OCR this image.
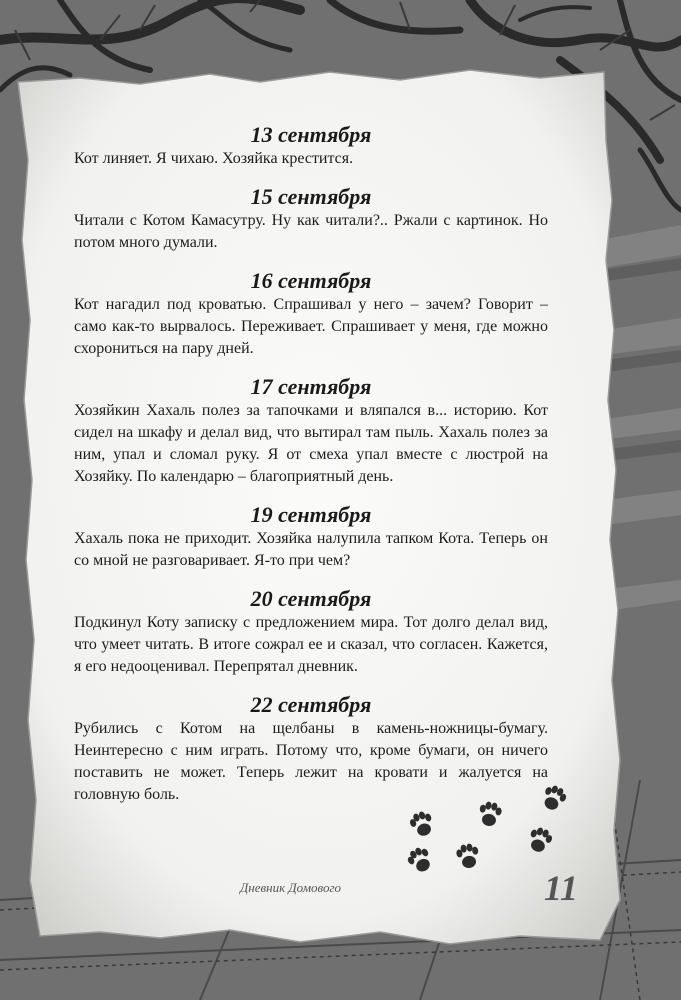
13 сентября

Кот линяет. Я чихаю. Хозяйка крестится.

15 сентября

Читали с Котом Камасутру. Ну как читали?.. Ржали с картинок. Но потом много думали.

16 сентября

Кот нагадил под кроватью. Спрашивал у него – зачем? Говорит – само как-то вырвалось. Переживает. Спрашивает у меня, где можно схорониться на пару дней.

17 сентября

Хозяйкин Хахаль полез за тапочками и вляпался в... историю. Кот сидел на шкафу и делал вид, что вытирал там пыль. Хахаль полез за ним, упал и сломал руку. Я от смеха упал вместе с люстрой на Хозяйку. По календарю – благоприятный день.

19 сентября

Хахаль пока не приходит. Хозяйка налупила тапком Кота. Теперь он со мной не разговаривает. Я-то при чем?

20 сентября

Подкинул Коту записку с предложением мира. Тот долго делал вид, что умеет читать. В итоге сожрал ее и сказал, что согласен. Кажется, я его недооценивал. Перепрятал дневник.

22 сентября

Рубились с Котом на щелбаны в камень-ножницы-бумагу. Неинтересно с ним играть. Потому что, кроме бумаги, он ничего поставить не может. Теперь лежит на кровати и жалуется на головную боль.

Дневник Домового	11
